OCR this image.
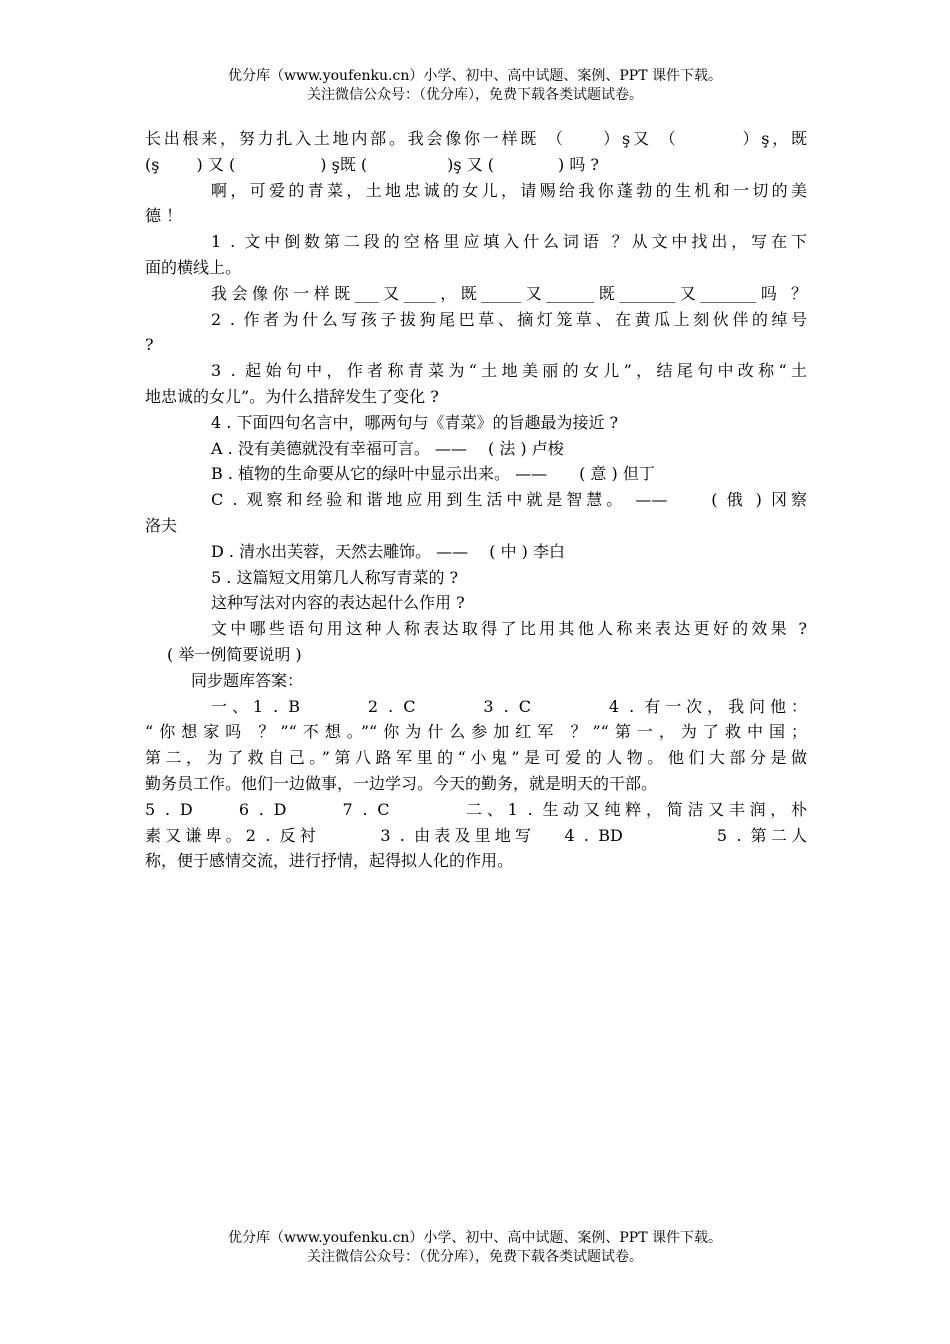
优分库（www.youfenku.cn）小学、初中、高中试题、案例、PPT 课件下载。
关注微信公众号：（优分库），免费下载各类试题试卷。
长出根来，努力扎入土地内部。我会像你一样既 （　　）ş又 （　　　 ）ş，既
(ş　　 ) 又 (　　　　　 ) ş既 (　　　　　)ş 又 (　　　　) 吗 ?
啊，可爱的青菜，土地忠诚的女儿，请赐给我你蓬勃的生机和一切的美
德 ！
1 . 文中倒数第二段的空格里应填入什么词语 ？从文中找出，写在下
面的横线上。
我会像你一样既___又____，既_____又______既_______又_______吗 ？
2 . 作者为什么写孩子拔狗尾巴草、摘灯笼草、在黄瓜上刻伙伴的绰号
?
3 . 起始句中，作者称青菜为“土地美丽的女儿”，结尾句中改称“土
地忠诚的女儿”。为什么措辞发生了变化 ?
4 . 下面四句名言中，哪两句与《青菜》的旨趣最为接近 ?
A . 没有美德就没有幸福可言。 ——　 ( 法 ) 卢梭
B . 植物的生命要从它的绿叶中显示出来。 ——　　( 意 ) 但丁
C . 观察和经验和谐地应用到生活中就是智慧。 ——　　( 俄 ) 冈察
洛夫
D . 清水出芙蓉，天然去雕饰。 ——　 ( 中 ) 李白
5 . 这篇短文用第几人称写青菜的 ?
这种写法对内容的表达起什么作用 ?
文中哪些语句用这种人称表达取得了比用其他人称来表达更好的效果 ?
( 举一例简要说明 )
同步题库答案：
一、1 . B　　　2 . C　　　3 . C　　　 4 . 有一次，我问他：
“你想家吗 ？”“不想。”“你为什么参加红军 ？”“第一，为了救中国；
第二，为了救自己。”第八路军里的“小鬼”是可爱的人物。他们大部分是做
勤务员工作。他们一边做事，一边学习。今天的勤务，就是明天的干部。
5 . D　　6 . D　　 7 . C　　　 二、1 . 生动又纯粹，简洁又丰润，朴
素又谦卑。2 . 反衬　　　3 . 由表及里地写　 4 . BD　　　　 5 . 第二人
称，便于感情交流，进行抒情，起得拟人化的作用。
优分库（www.youfenku.cn）小学、初中、高中试题、案例、PPT 课件下载。
关注微信公众号：（优分库），免费下载各类试题试卷。
